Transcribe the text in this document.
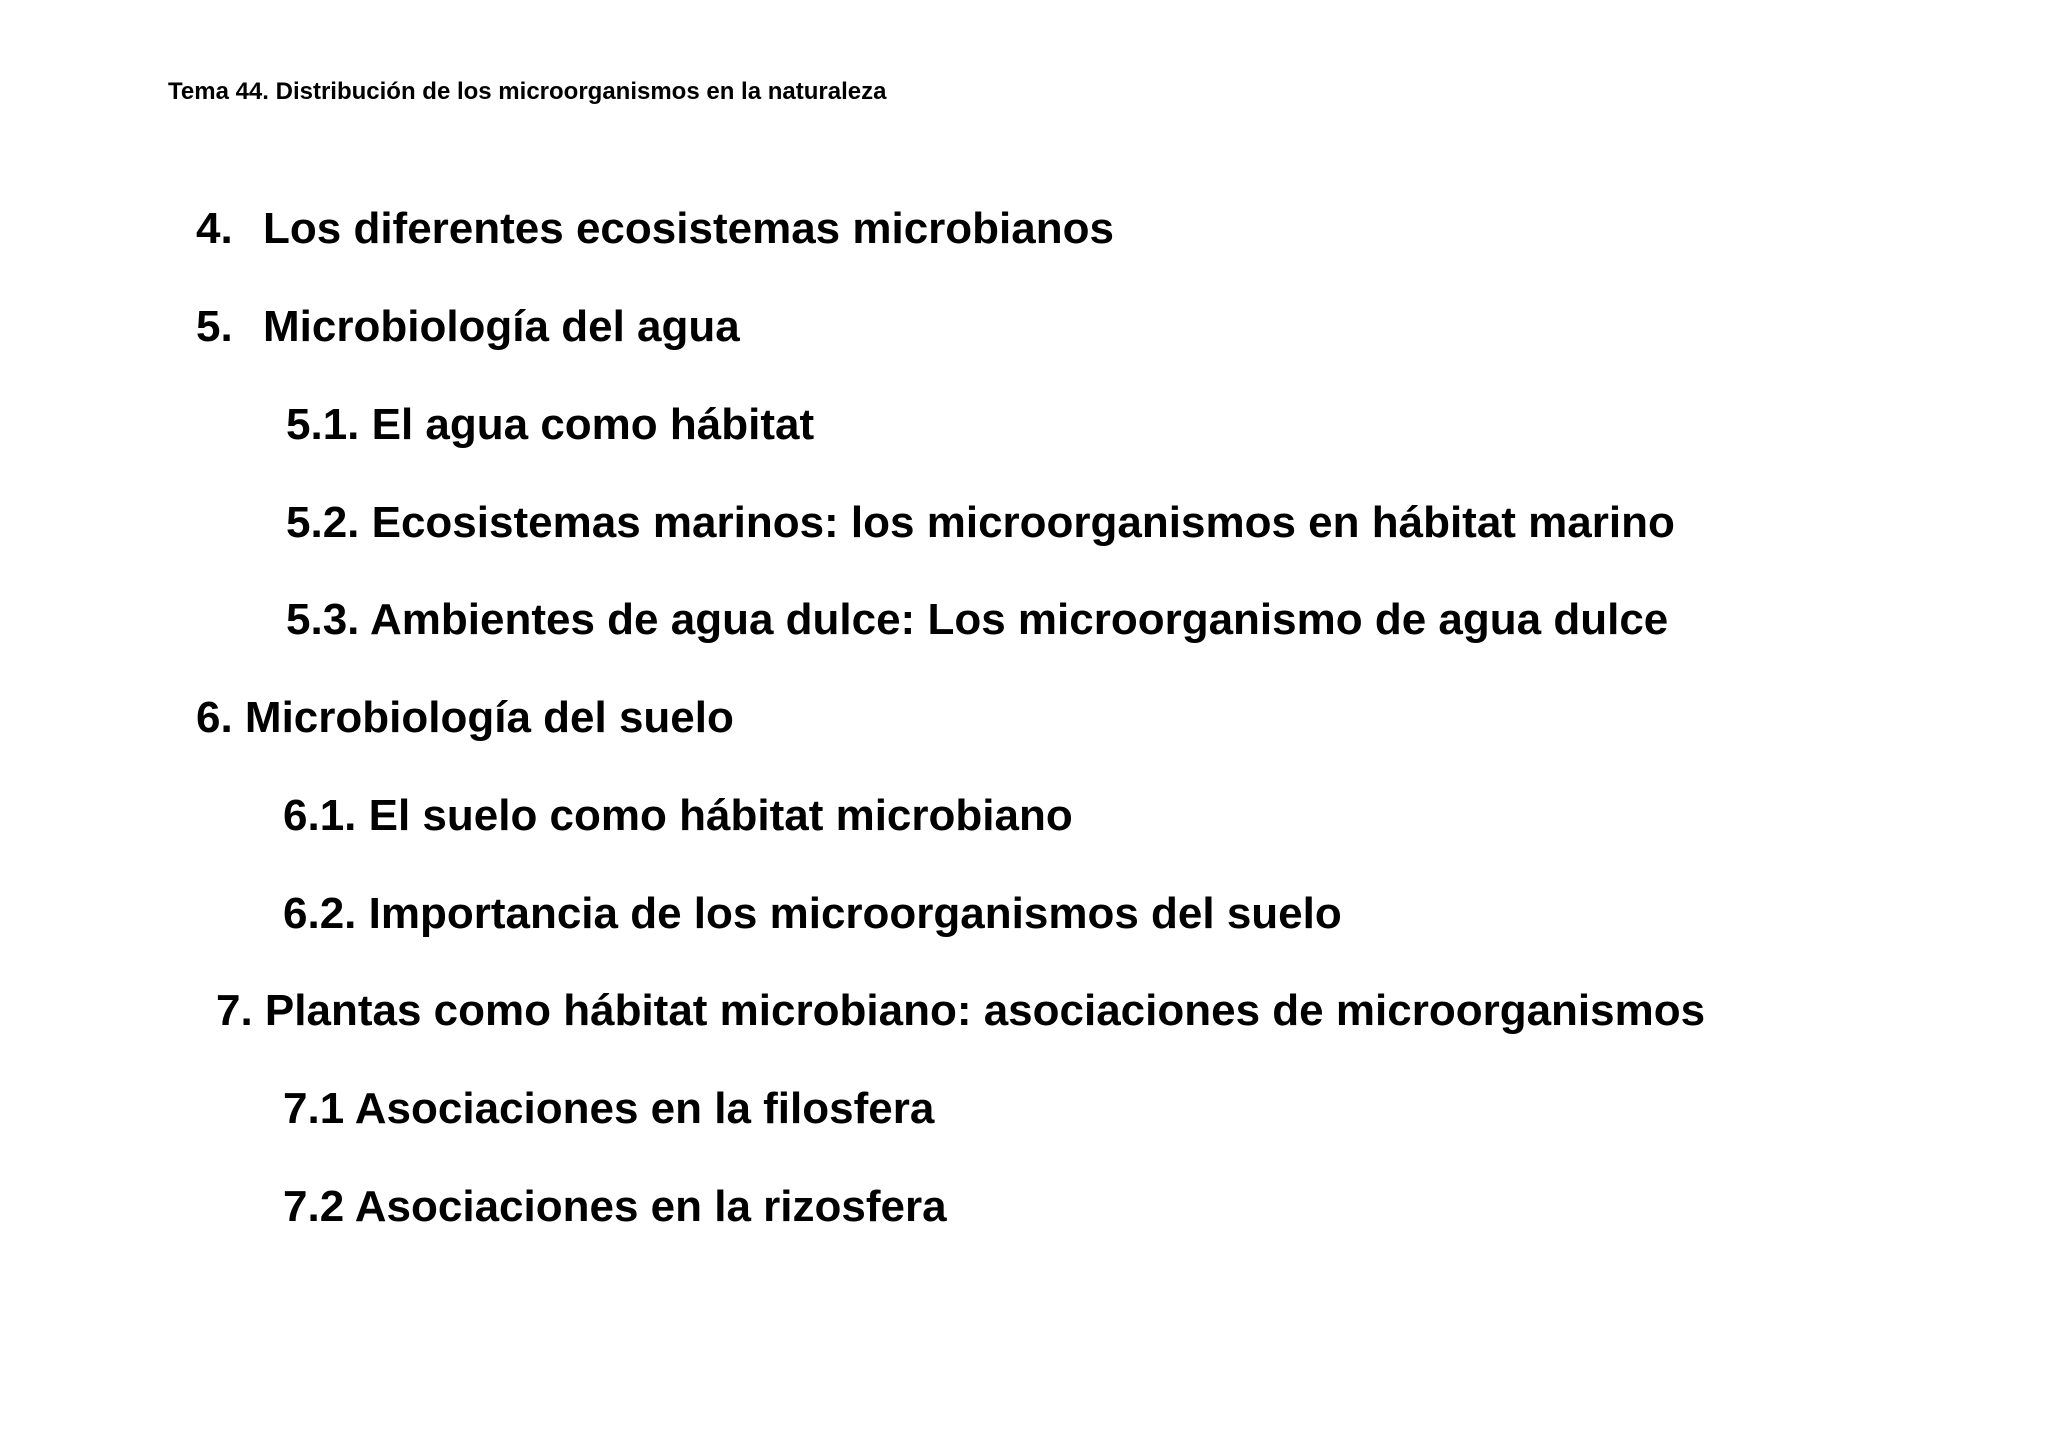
Tema 44. Distribución de los microorganismos en la naturaleza
4. Los diferentes ecosistemas microbianos
5. Microbiología del agua
5.1. El agua como hábitat
5.2. Ecosistemas marinos: los microorganismos en hábitat marino
5.3. Ambientes de agua dulce: Los microorganismo de agua dulce
6. Microbiología del suelo
6.1. El suelo como hábitat microbiano
6.2. Importancia de los microorganismos del suelo
7. Plantas como hábitat microbiano: asociaciones de microorganismos
7.1 Asociaciones en la filosfera
7.2 Asociaciones en la rizosfera
